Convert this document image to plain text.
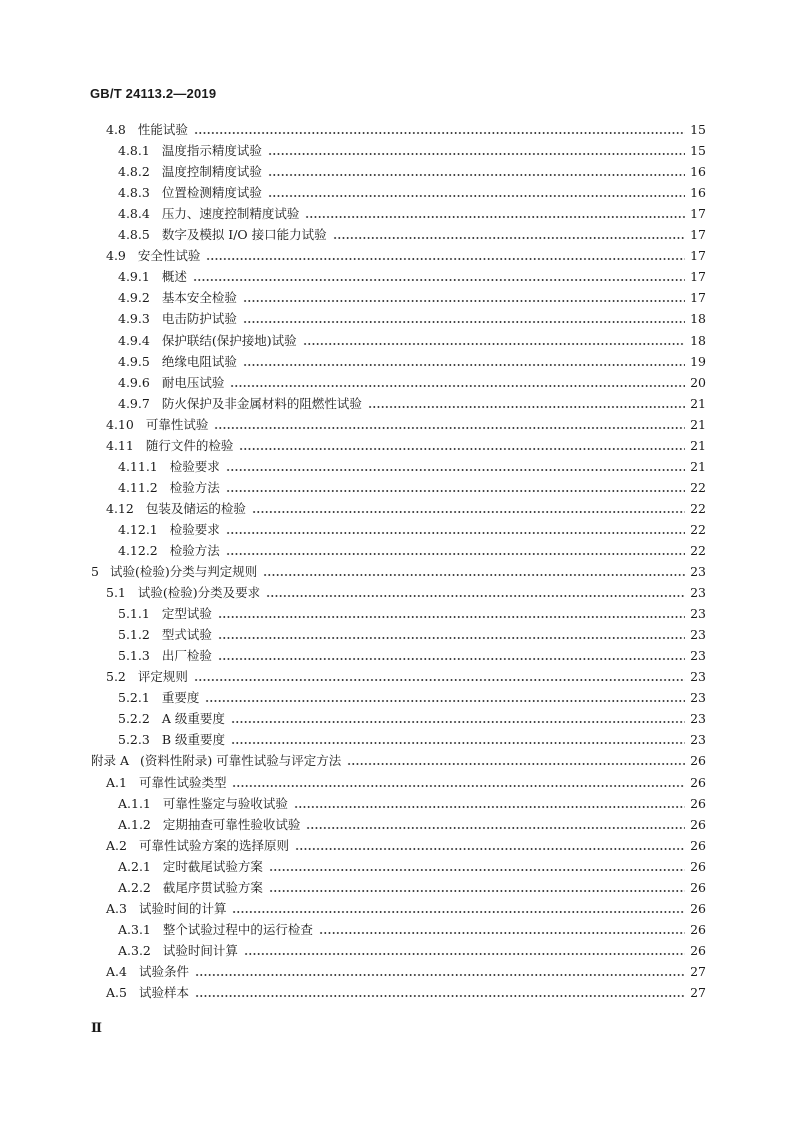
GB/T 24113.2—2019
4.8 性能试验	15
4.8.1 温度指示精度试验	15
4.8.2 温度控制精度试验	16
4.8.3 位置检测精度试验	16
4.8.4 压力、速度控制精度试验	17
4.8.5 数字及模拟 I/O 接口能力试验	17
4.9 安全性试验	17
4.9.1 概述	17
4.9.2 基本安全检验	17
4.9.3 电击防护试验	18
4.9.4 保护联结(保护接地)试验	18
4.9.5 绝缘电阻试验	19
4.9.6 耐电压试验	20
4.9.7 防火保护及非金属材料的阻燃性试验	21
4.10 可靠性试验	21
4.11 随行文件的检验	21
4.11.1 检验要求	21
4.11.2 检验方法	22
4.12 包装及储运的检验	22
4.12.1 检验要求	22
4.12.2 检验方法	22
5 试验(检验)分类与判定规则	23
5.1 试验(检验)分类及要求	23
5.1.1 定型试验	23
5.1.2 型式试验	23
5.1.3 出厂检验	23
5.2 评定规则	23
5.2.1 重要度	23
5.2.2 A 级重要度	23
5.2.3 B 级重要度	23
附录 A (资料性附录) 可靠性试验与评定方法	26
A.1 可靠性试验类型	26
A.1.1 可靠性鉴定与验收试验	26
A.1.2 定期抽查可靠性验收试验	26
A.2 可靠性试验方案的选择原则	26
A.2.1 定时截尾试验方案	26
A.2.2 截尾序贯试验方案	26
A.3 试验时间的计算	26
A.3.1 整个试验过程中的运行检查	26
A.3.2 试验时间计算	26
A.4 试验条件	27
A.5 试验样本	27
Ⅱ
